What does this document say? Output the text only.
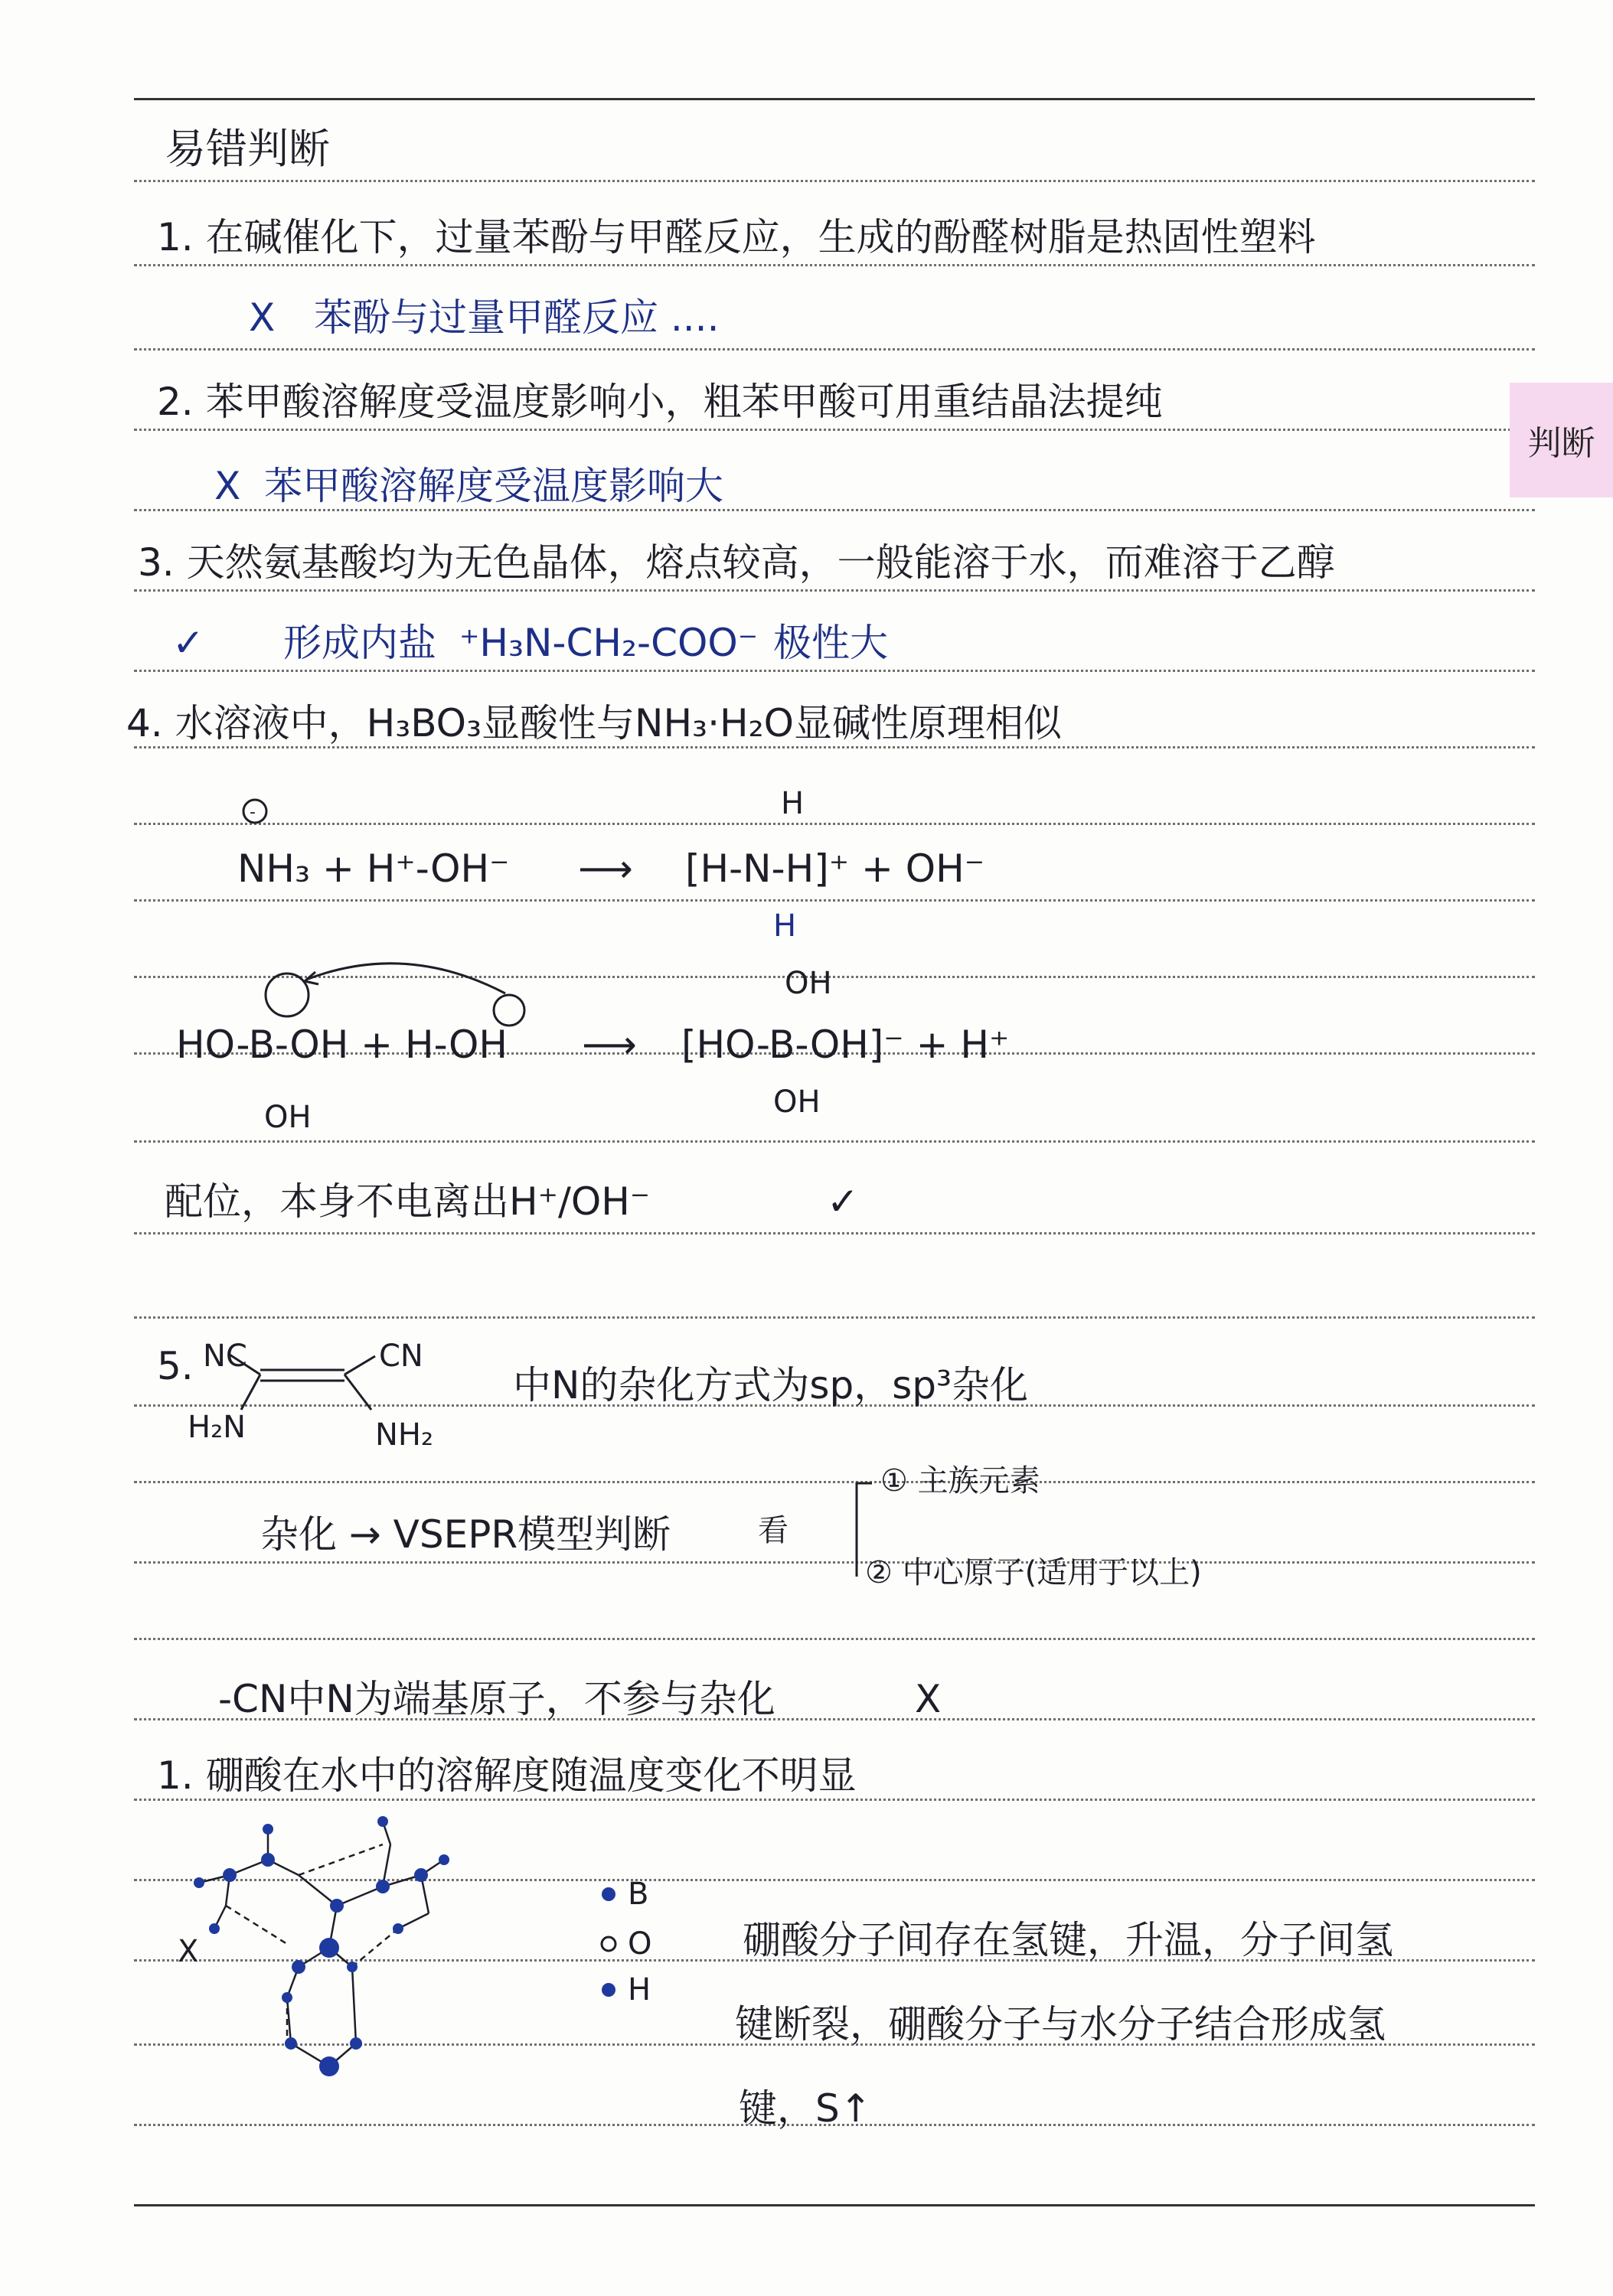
判断
易错判断
1. 在碱催化下，过量苯酚与甲醛反应，生成的酚醛树脂是热固性塑料
X 苯酚与过量甲醛反应 ....
2. 苯甲酸溶解度受温度影响小，粗苯甲酸可用重结晶法提纯
X 苯甲酸溶解度受温度影响大
3. 天然氨基酸均为无色晶体，熔点较高，一般能溶于水，而难溶于乙醇
✓ 形成内盐 ⁺H₃N-CH₂-COO⁻ 极性大
4. 水溶液中，H₃BO₃显酸性与NH₃·H₂O显碱性原理相似
NH₃ + H⁺-OH⁻ ⟶ [H-N-H]⁺ + OH⁻
H
H
-
HO-B-OH + H-OH
OH
⟶ [HO-B-OH]⁻ + H⁺
OH
OH
配位，本身不电离出H⁺/OH⁻	✓
5. NC	CN
H₂N	NH₂
中N的杂化方式为sp，sp³杂化
杂化 → VSEPR模型判断	看
① 主族元素
② 中心原子(适用于以上)
-CN中N为端基原子，不参与杂化	X
1. 硼酸在水中的溶解度随温度变化不明显
X
B
O
H
硼酸分子间存在氢键，升温，分子间氢
键断裂，硼酸分子与水分子结合形成氢
键，S↑
